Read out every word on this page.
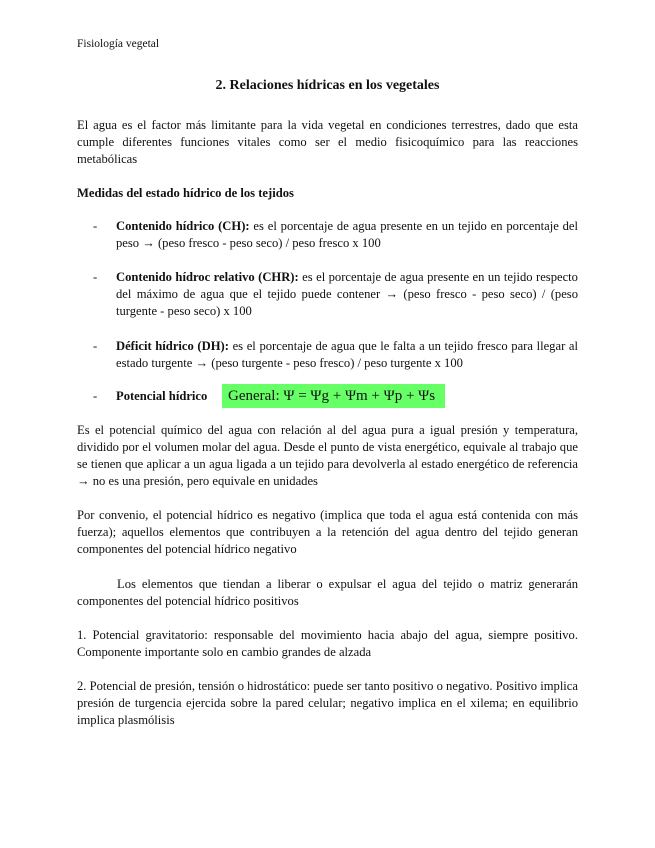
Fisiología vegetal
2. Relaciones hídricas en los vegetales
El agua es el factor más limitante para la vida vegetal en condiciones terrestres, dado que esta cumple diferentes funciones vitales como ser el medio fisicoquímico para las reacciones metabólicas
Medidas del estado hídrico de los tejidos
- Contenido hídrico (CH): es el porcentaje de agua presente en un tejido en porcentaje del peso → (peso fresco - peso seco) / peso fresco x 100
- Contenido hídroc relativo (CHR): es el porcentaje de agua presente en un tejido respecto del máximo de agua que el tejido puede contener → (peso fresco - peso seco) / (peso turgente - peso seco) x 100
- Déficit hídrico (DH): es el porcentaje de agua que le falta a un tejido fresco para llegar al estado turgente → (peso turgente - peso fresco) / peso turgente x 100
- Potencial hídrico	General: Ψ = Ψg + Ψm + Ψp + Ψs
Es el potencial químico del agua con relación al del agua pura a igual presión y temperatura, dividido por el volumen molar del agua. Desde el punto de vista energético, equivale al trabajo que se tienen que aplicar a un agua ligada a un tejido para devolverla al estado energético de referencia → no es una presión, pero equivale en unidades
Por convenio, el potencial hídrico es negativo (implica que toda el agua está contenida con más fuerza); aquellos elementos que contribuyen a la retención del agua dentro del tejido generan componentes del potencial hídrico negativo
Los elementos que tiendan a liberar o expulsar el agua del tejido o matriz generarán componentes del potencial hídrico positivos
1. Potencial gravitatorio: responsable del movimiento hacia abajo del agua, siempre positivo. Componente importante solo en cambio grandes de alzada
2. Potencial de presión, tensión o hidrostático: puede ser tanto positivo o negativo. Positivo implica presión de turgencia ejercida sobre la pared celular; negativo implica en el xilema; en equilibrio implica plasmólisis
